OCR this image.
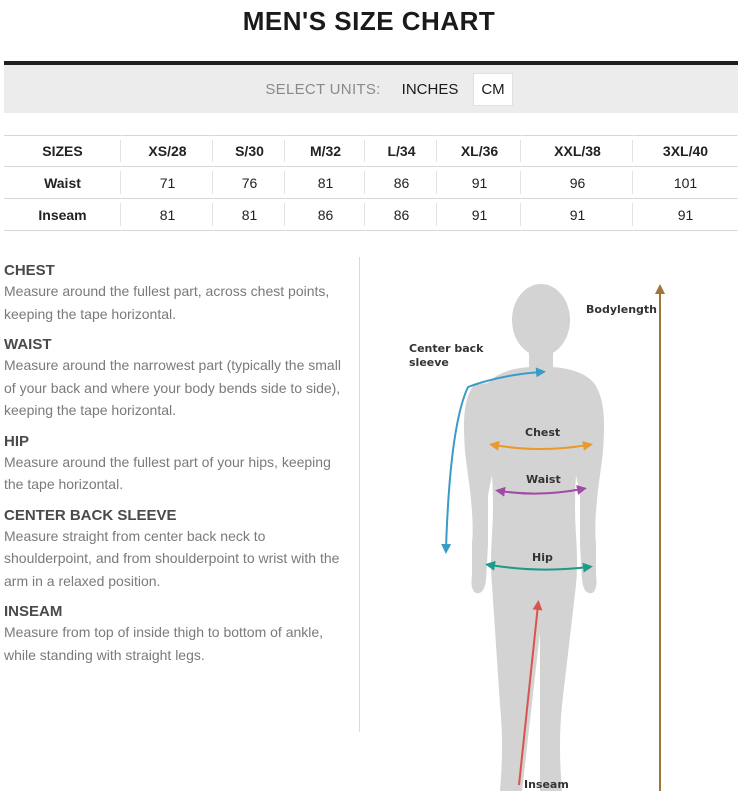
MEN'S SIZE CHART
SELECT UNITS:	INCHES	CM
SIZES	XS/28	S/30	M/32	L/34	XL/36	XXL/38	3XL/40
Waist	71	76	81	86	91	96	101
Inseam	81	81	86	86	91	91	91
CHEST
Measure around the fullest part, across chest points, keeping the tape horizontal.
WAIST
Measure around the narrowest part (typically the small of your back and where your body bends side to side), keeping the tape horizontal.
HIP
Measure around the fullest part of your hips, keeping the tape horizontal.
CENTER BACK SLEEVE
Measure straight from center back neck to shoulderpoint, and from shoulderpoint to wrist with the arm in a relaxed position.
INSEAM
Measure from top of inside thigh to bottom of ankle, while standing with straight legs.
Bodylength
Center back sleeve
Chest
Waist
Hip
Inseam
